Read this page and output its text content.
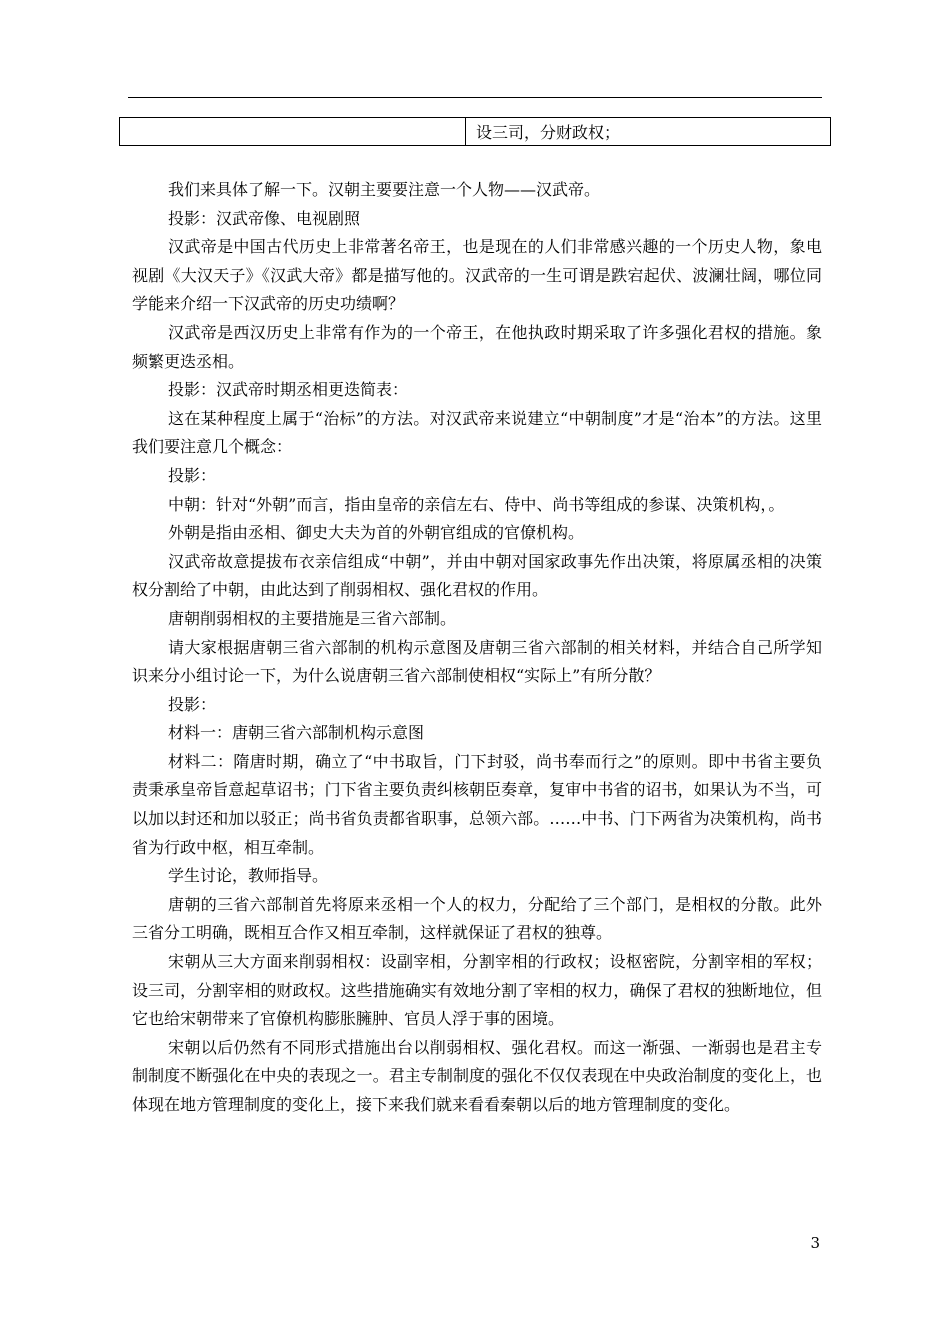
	设三司，分财政权；

我们来具体了解一下。汉朝主要要注意一个人物——汉武帝。

投影：汉武帝像、电视剧照

汉武帝是中国古代历史上非常著名帝王，也是现在的人们非常感兴趣的一个历史人物，象电视剧《大汉天子》《汉武大帝》都是描写他的。汉武帝的一生可谓是跌宕起伏、波澜壮阔，哪位同学能来介绍一下汉武帝的历史功绩啊？

汉武帝是西汉历史上非常有作为的一个帝王，在他执政时期采取了许多强化君权的措施。象频繁更迭丞相。

投影：汉武帝时期丞相更迭简表：

这在某种程度上属于“治标”的方法。对汉武帝来说建立“中朝制度”才是“治本”的方法。这里我们要注意几个概念：

投影：

中朝：针对“外朝”而言，指由皇帝的亲信左右、侍中、尚书等组成的参谋、决策机构，。

外朝是指由丞相、御史大夫为首的外朝官组成的官僚机构。

汉武帝故意提拔布衣亲信组成“中朝”，并由中朝对国家政事先作出决策，将原属丞相的决策权分割给了中朝，由此达到了削弱相权、强化君权的作用。

唐朝削弱相权的主要措施是三省六部制。

请大家根据唐朝三省六部制的机构示意图及唐朝三省六部制的相关材料，并结合自己所学知识来分小组讨论一下，为什么说唐朝三省六部制使相权“实际上”有所分散？

投影：

材料一：唐朝三省六部制机构示意图

材料二：隋唐时期，确立了“中书取旨，门下封驳，尚书奉而行之”的原则。即中书省主要负责秉承皇帝旨意起草诏书；门下省主要负责纠核朝臣奏章，复审中书省的诏书，如果认为不当，可以加以封还和加以驳正；尚书省负责都省职事，总领六部。……中书、门下两省为决策机构，尚书省为行政中枢，相互牵制。

学生讨论，教师指导。

唐朝的三省六部制首先将原来丞相一个人的权力，分配给了三个部门，是相权的分散。此外三省分工明确，既相互合作又相互牵制，这样就保证了君权的独尊。

宋朝从三大方面来削弱相权：设副宰相，分割宰相的行政权；设枢密院，分割宰相的军权；设三司，分割宰相的财政权。这些措施确实有效地分割了宰相的权力，确保了君权的独断地位，但它也给宋朝带来了官僚机构膨胀臃肿、官员人浮于事的困境。

宋朝以后仍然有不同形式措施出台以削弱相权、强化君权。而这一渐强、一渐弱也是君主专制制度不断强化在中央的表现之一。君主专制制度的强化不仅仅表现在中央政治制度的变化上，也体现在地方管理制度的变化上，接下来我们就来看看秦朝以后的地方管理制度的变化。

3
